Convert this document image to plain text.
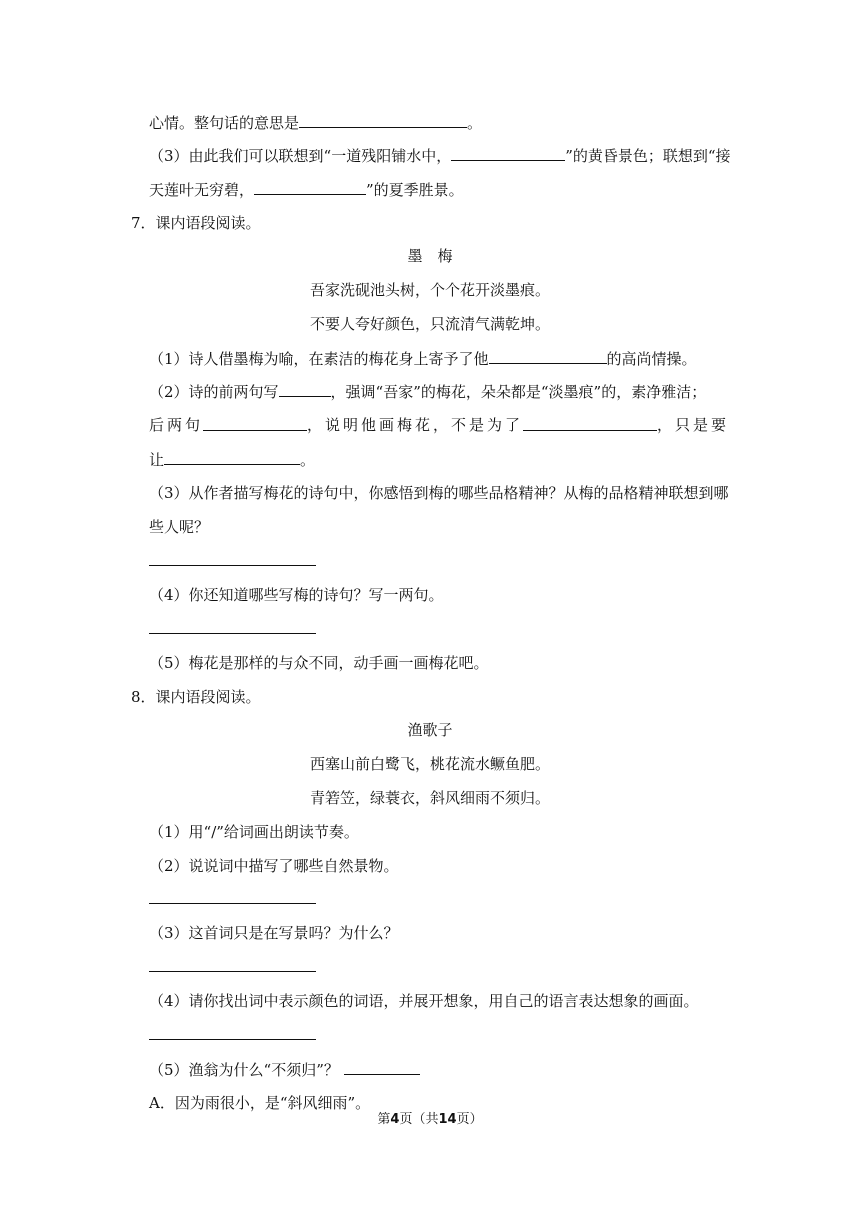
心情。整句话的意思是	。
（3）由此我们可以联想到“一道残阳铺水中，	”的黄昏景色；联想到“接
天莲叶无穷碧，	”的夏季胜景。
7．课内语段阅读。
墨　梅
吾家洗砚池头树，个个花开淡墨痕。
不要人夸好颜色，只流清气满乾坤。
（1）诗人借墨梅为喻，在素洁的梅花身上寄予了他	的高尚情操。
（2）诗的前两句写	，强调“吾家”的梅花，朵朵都是“淡墨痕”的，素净雅洁；
后两句	，说明他画梅花，不是为了	，只是要
让	。
（3）从作者描写梅花的诗句中，你感悟到梅的哪些品格精神？从梅的品格精神联想到哪
些人呢？
（4）你还知道哪些写梅的诗句？写一两句。
（5）梅花是那样的与众不同，动手画一画梅花吧。
8．课内语段阅读。
渔歌子
西塞山前白鹭飞，桃花流水鳜鱼肥。
青箬笠，绿蓑衣，斜风细雨不须归。
（1）用“/”给词画出朗读节奏。
（2）说说词中描写了哪些自然景物。
（3）这首词只是在写景吗？为什么？
（4）请你找出词中表示颜色的词语，并展开想象，用自己的语言表达想象的画面。
（5）渔翁为什么“不须归”？
A．因为雨很小，是“斜风细雨”。
第4页（共14页）
